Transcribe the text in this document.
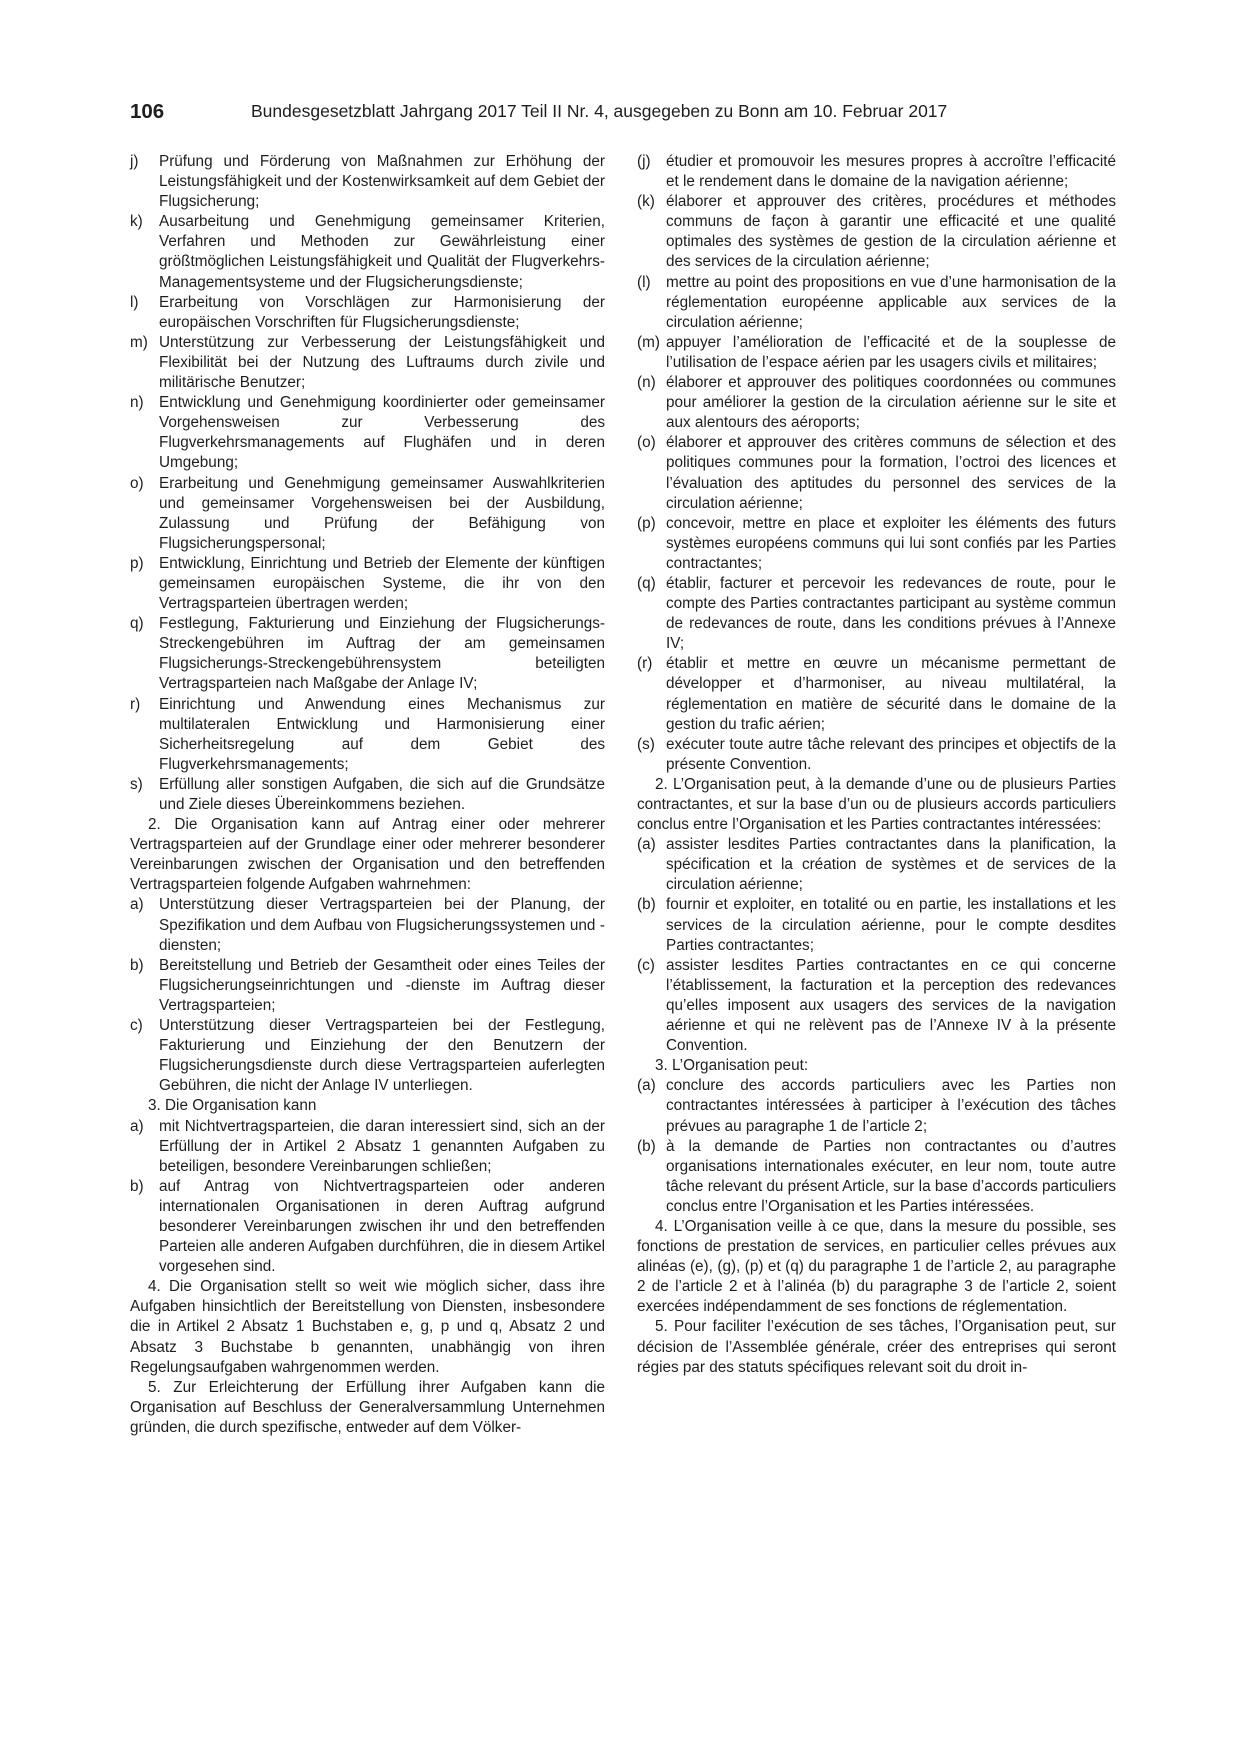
106	Bundesgesetzblatt Jahrgang 2017 Teil II Nr. 4, ausgegeben zu Bonn am 10. Februar 2017
j) Prüfung und Förderung von Maßnahmen zur Erhöhung der Leistungsfähigkeit und der Kostenwirksamkeit auf dem Gebiet der Flugsicherung;
k) Ausarbeitung und Genehmigung gemeinsamer Kriterien, Verfahren und Methoden zur Gewährleistung einer größtmöglichen Leistungsfähigkeit und Qualität der Flugverkehrs-Managementsysteme und der Flugsicherungsdienste;
l) Erarbeitung von Vorschlägen zur Harmonisierung der europäischen Vorschriften für Flugsicherungsdienste;
m) Unterstützung zur Verbesserung der Leistungsfähigkeit und Flexibilität bei der Nutzung des Luftraums durch zivile und militärische Benutzer;
n) Entwicklung und Genehmigung koordinierter oder gemeinsamer Vorgehensweisen zur Verbesserung des Flugverkehrsmanagements auf Flughäfen und in deren Umgebung;
o) Erarbeitung und Genehmigung gemeinsamer Auswahlkriterien und gemeinsamer Vorgehensweisen bei der Ausbildung, Zulassung und Prüfung der Befähigung von Flugsicherungspersonal;
p) Entwicklung, Einrichtung und Betrieb der Elemente der künftigen gemeinsamen europäischen Systeme, die ihr von den Vertragsparteien übertragen werden;
q) Festlegung, Fakturierung und Einziehung der Flugsicherungs-Streckengebühren im Auftrag der am gemeinsamen Flugsicherungs-Streckengebührensystem beteiligten Vertragsparteien nach Maßgabe der Anlage IV;
r) Einrichtung und Anwendung eines Mechanismus zur multilateralen Entwicklung und Harmonisierung einer Sicherheitsregelung auf dem Gebiet des Flugverkehrsmanagements;
s) Erfüllung aller sonstigen Aufgaben, die sich auf die Grundsätze und Ziele dieses Übereinkommens beziehen.

2. Die Organisation kann auf Antrag einer oder mehrerer Vertragsparteien auf der Grundlage einer oder mehrerer besonderer Vereinbarungen zwischen der Organisation und den betreffenden Vertragsparteien folgende Aufgaben wahrnehmen:

a) Unterstützung dieser Vertragsparteien bei der Planung, der Spezifikation und dem Aufbau von Flugsicherungssystemen und -diensten;
b) Bereitstellung und Betrieb der Gesamtheit oder eines Teiles der Flugsicherungseinrichtungen und -dienste im Auftrag dieser Vertragsparteien;
c) Unterstützung dieser Vertragsparteien bei der Festlegung, Fakturierung und Einziehung der den Benutzern der Flugsicherungsdienste durch diese Vertragsparteien auferlegten Gebühren, die nicht der Anlage IV unterliegen.

3. Die Organisation kann

a) mit Nichtvertragsparteien, die daran interessiert sind, sich an der Erfüllung der in Artikel 2 Absatz 1 genannten Aufgaben zu beteiligen, besondere Vereinbarungen schließen;
b) auf Antrag von Nichtvertragsparteien oder anderen internationalen Organisationen in deren Auftrag aufgrund besonderer Vereinbarungen zwischen ihr und den betreffenden Parteien alle anderen Aufgaben durchführen, die in diesem Artikel vorgesehen sind.

4. Die Organisation stellt so weit wie möglich sicher, dass ihre Aufgaben hinsichtlich der Bereitstellung von Diensten, insbesondere die in Artikel 2 Absatz 1 Buchstaben e, g, p und q, Absatz 2 und Absatz 3 Buchstabe b genannten, unabhängig von ihren Regelungsaufgaben wahrgenommen werden.

5. Zur Erleichterung der Erfüllung ihrer Aufgaben kann die Organisation auf Beschluss der Generalversammlung Unternehmen gründen, die durch spezifische, entweder auf dem Völker-

(j) étudier et promouvoir les mesures propres à accroître l’efficacité et le rendement dans le domaine de la navigation aérienne;
(k) élaborer et approuver des critères, procédures et méthodes communs de façon à garantir une efficacité et une qualité optimales des systèmes de gestion de la circulation aérienne et des services de la circulation aérienne;
(l) mettre au point des propositions en vue d’une harmonisation de la réglementation européenne applicable aux services de la circulation aérienne;
(m) appuyer l’amélioration de l’efficacité et de la souplesse de l’utilisation de l’espace aérien par les usagers civils et militaires;
(n) élaborer et approuver des politiques coordonnées ou communes pour améliorer la gestion de la circulation aérienne sur le site et aux alentours des aéroports;
(o) élaborer et approuver des critères communs de sélection et des politiques communes pour la formation, l’octroi des licences et l’évaluation des aptitudes du personnel des services de la circulation aérienne;
(p) concevoir, mettre en place et exploiter les éléments des futurs systèmes européens communs qui lui sont confiés par les Parties contractantes;
(q) établir, facturer et percevoir les redevances de route, pour le compte des Parties contractantes participant au système commun de redevances de route, dans les conditions prévues à l’Annexe IV;
(r) établir et mettre en œuvre un mécanisme permettant de développer et d’harmoniser, au niveau multilatéral, la réglementation en matière de sécurité dans le domaine de la gestion du trafic aérien;
(s) exécuter toute autre tâche relevant des principes et objectifs de la présente Convention.

2. L’Organisation peut, à la demande d’une ou de plusieurs Parties contractantes, et sur la base d’un ou de plusieurs accords particuliers conclus entre l’Organisation et les Parties contractantes intéressées:

(a) assister lesdites Parties contractantes dans la planification, la spécification et la création de systèmes et de services de la circulation aérienne;
(b) fournir et exploiter, en totalité ou en partie, les installations et les services de la circulation aérienne, pour le compte desdites Parties contractantes;
(c) assister lesdites Parties contractantes en ce qui concerne l’établissement, la facturation et la perception des redevances qu’elles imposent aux usagers des services de la navigation aérienne et qui ne relèvent pas de l’Annexe IV à la présente Convention.

3. L’Organisation peut:

(a) conclure des accords particuliers avec les Parties non contractantes intéressées à participer à l’exécution des tâches prévues au paragraphe 1 de l’article 2;
(b) à la demande de Parties non contractantes ou d’autres organisations internationales exécuter, en leur nom, toute autre tâche relevant du présent Article, sur la base d’accords particuliers conclus entre l’Organisation et les Parties intéressées.

4. L’Organisation veille à ce que, dans la mesure du possible, ses fonctions de prestation de services, en particulier celles prévues aux alinéas (e), (g), (p) et (q) du paragraphe 1 de l’article 2, au paragraphe 2 de l’article 2 et à l’alinéa (b) du paragraphe 3 de l’article 2, soient exercées indépendamment de ses fonctions de réglementation.

5. Pour faciliter l’exécution de ses tâches, l’Organisation peut, sur décision de l’Assemblée générale, créer des entreprises qui seront régies par des statuts spécifiques relevant soit du droit in-
